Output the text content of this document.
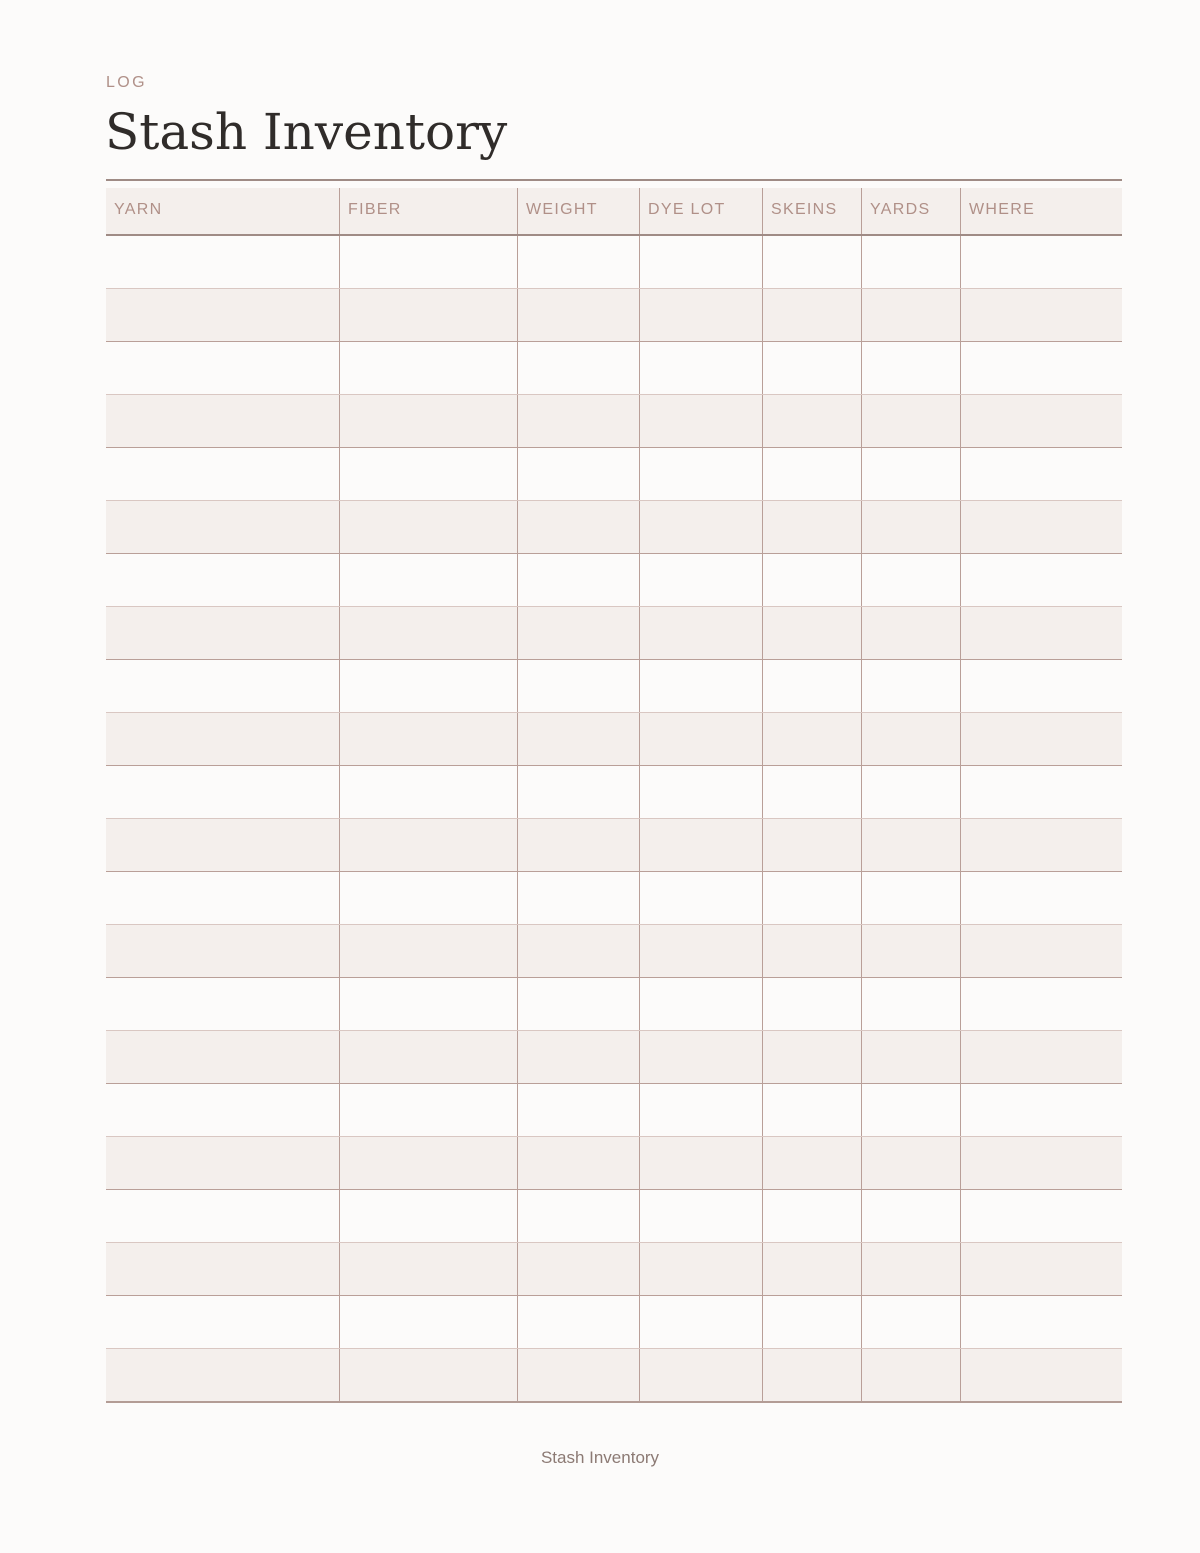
LOG
Stash Inventory
YARN	FIBER	WEIGHT	DYE LOT	SKEINS	YARDS	WHERE
Stash Inventory
